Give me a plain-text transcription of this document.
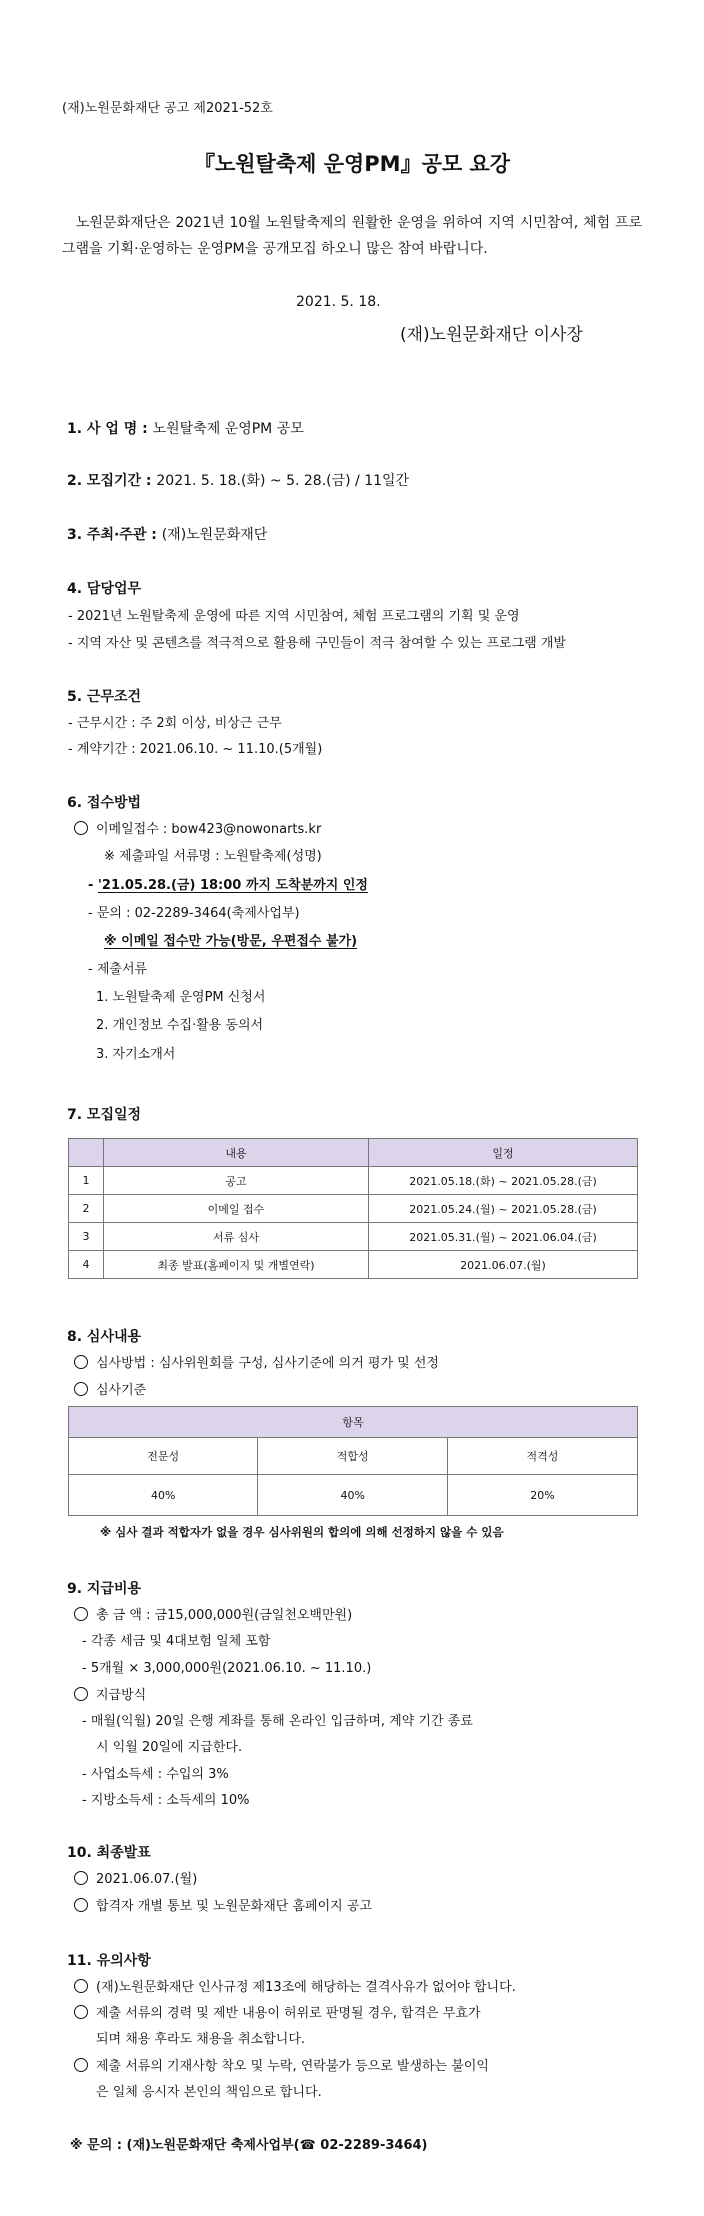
(재)노원문화재단 공고 제2021-52호
『노원탈축제 운영PM』공모 요강
노원문화재단은 2021년 10월 노원탈축제의 원활한 운영을 위하여 지역 시민참여, 체험 프로그램을 기획·운영하는 운영PM을 공개모집 하오니 많은 참여 바랍니다.
2021. 5. 18.
(재)노원문화재단 이사장
1. 사 업 명 : 노원탈축제 운영PM 공모
2. 모집기간 : 2021. 5. 18.(화) ~ 5. 28.(금) / 11일간
3. 주최·주관 : (재)노원문화재단
4. 담당업무
- 2021년 노원탈축제 운영에 따른 지역 시민참여, 체험 프로그램의 기획 및 운영
- 지역 자산 및 콘텐츠를 적극적으로 활용해 구민들이 적극 참여할 수 있는 프로그램 개발
5. 근무조건
- 근무시간 : 주 2회 이상, 비상근 근무
- 계약기간 : 2021.06.10. ~ 11.10.(5개월)
6. 접수방법
이메일접수 : bow423@nowonarts.kr
※ 제출파일 서류명 : 노원탈축제(성명)
- '21.05.28.(금) 18:00 까지 도착분까지 인정
- 문의 : 02-2289-3464(축제사업부)
※ 이메일 접수만 가능(방문, 우편접수 불가)
- 제출서류
1. 노원탈축제 운영PM 신청서
2. 개인정보 수집·활용 동의서
3. 자기소개서
7. 모집일정
	내용	일정
1	공고	2021.05.18.(화) ~ 2021.05.28.(금)
2	이메일 접수	2021.05.24.(월) ~ 2021.05.28.(금)
3	서류 심사	2021.05.31.(월) ~ 2021.06.04.(금)
4	최종 발표(홈페이지 및 개별연락)	2021.06.07.(월)
8. 심사내용
심사방법 : 심사위원회를 구성, 심사기준에 의거 평가 및 선정
심사기준
항목		
전문성	적합성	적격성
40%	40%	20%
※ 심사 결과 적합자가 없을 경우 심사위원의 합의에 의해 선정하지 않을 수 있음
9. 지급비용
총 금 액 : 금15,000,000원(금일천오백만원)
- 각종 세금 및 4대보험 일체 포함
- 5개월 × 3,000,000원(2021.06.10. ~ 11.10.)
지급방식
- 매월(익월) 20일 은행 계좌를 통해 온라인 입금하며, 계약 기간 종료
시 익월 20일에 지급한다.
- 사업소득세 : 수입의 3%
- 지방소득세 : 소득세의 10%
10. 최종발표
2021.06.07.(월)
합격자 개별 통보 및 노원문화재단 홈페이지 공고
11. 유의사항
(재)노원문화재단 인사규정 제13조에 해당하는 결격사유가 없어야 합니다.
제출 서류의 경력 및 제반 내용이 허위로 판명될 경우, 합격은 무효가
되며 채용 후라도 채용을 취소합니다.
제출 서류의 기재사항 착오 및 누락, 연락불가 등으로 발생하는 불이익
은 일체 응시자 본인의 책임으로 합니다.
※ 문의 : (재)노원문화재단 축제사업부(☎ 02-2289-3464)
